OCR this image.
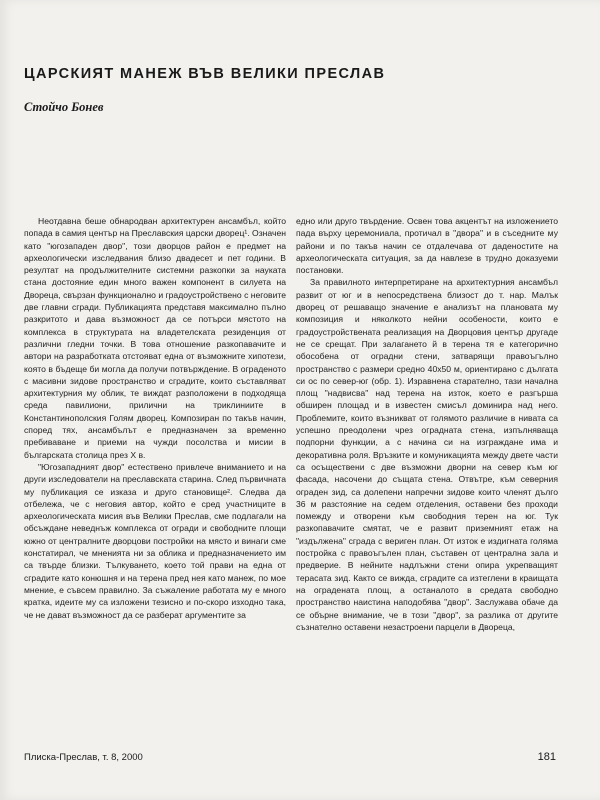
ЦАРСКИЯТ МАНЕЖ ВЪВ ВЕЛИКИ ПРЕСЛАВ
Стойчо Бонев

Неотдавна беше обнародван архитектурен ансамбъл, който попада в самия център на Преславския царски дворец¹. Означен като "югозападен двор", този дворцов район е предмет на археологически изследвания близо двадесет и пет години. В резултат на продължителните системни разкопки за науката стана достояние един много важен компонент в силуета на Двореца, свързан функционално и градоустройствено с неговите две главни сгради. Публикацията представя максимално пълно разкритото и дава възможност да се потърси мястото на комплекса в структурата на владетелската резиденция от различни гледни точки. В това отношение разкопавачите и автори на разработката отстояват една от възможните хипотези, която в бъдеще би могла да получи потвърждение. В ограденото с масивни зидове пространство и сградите, които съставляват архитектурния му облик, те виждат разположени в подходяща среда павилиони, прилични на триклиниите в Константинополския Голям дворец. Композиран по такъв начин, според тях, ансамбълът е предназначен за временно пребиваване и приеми на чужди посолства и мисии в българската столица през Х в.

"Югозападният двор" естествено привлече вниманието и на други изследователи на преславската старина. След първичната му публикация се изказа и друго становище². Следва да отбележа, че с неговия автор, който е сред участниците в археологическата мисия във Велики Преслав, сме подлагали на обсъждане неведнъж комплекса от огради и свободните площи южно от централните дворцови постройки на място и винаги сме констатирал, че мненията ни за облика и предназначението им са твърде близки. Тълкуването, което той прави на една от сградите като конюшня и на терена пред нея като манеж, по мое мнение, е съвсем правилно. За съжаление работата му е много кратка, идеите му са изложени тезисно и по-скоро изходно така, че не дават възможност да се разберат аргументите за

едно или друго твърдение. Освен това акцентът на изложението пада върху церемониала, протичал в "двора" и в съседните му райони и по такъв начин се отдалечава от даденостите на археологическата ситуация, за да навлезе в трудно доказуеми постановки.

За правилното интерпретиране на архитектурния ансамбъл развит от юг и в непосредствена близост до т. нар. Малък дворец от решаващо значение е анализът на плановата му композиция и няколкото нейни особености, които е градоустройствената реализация на Дворцовия център другаде не се срещат. При залагането й в терена тя е категорично обособена от оградни стени, затварящи правоъгълно пространство с размери средно 40х50 м, ориентирано с дългата си ос по север-юг (обр. 1). Изравнена старателно, тази начална площ "надвисва" над терена на изток, което е разгърша обширен площад и в известен смисъл доминира над него. Проблемите, които възникват от голямото различие в нивата са успешно преодолени чрез оградната стена, изпълняваща подпорни функции, а с начина си на изграждане има и декоративна роля. Връзките и комуникацията между двете части са осъществени с две възможни дворни на север към юг фасада, насочени до същата стена. Отвътре, към северния ограден зид, са долепени напречни зидове които членят дълго 36 м разстояние на седем отделения, оставени без проходи помежду и отворени към свободния терен на юг. Тук разкопавачите смятат, че е развит приземният етаж на "издължена" сграда с вериген план. От изток е издигната голяма постройка с правоъгълен план, съставен от централна зала и предверие. В нейните надлъжни стени опира укрепващият терасата зид. Както се вижда, сградите са изтеглени в краищата на оградената площ, а останалото в средата свободно пространство наистина наподобява "двор". Заслужава обаче да се обърне внимание, че в този "двор", за разлика от другите съзнателно оставени незастроени парцели в Двореца,

Плиска-Преслав, т. 8, 2000	181
